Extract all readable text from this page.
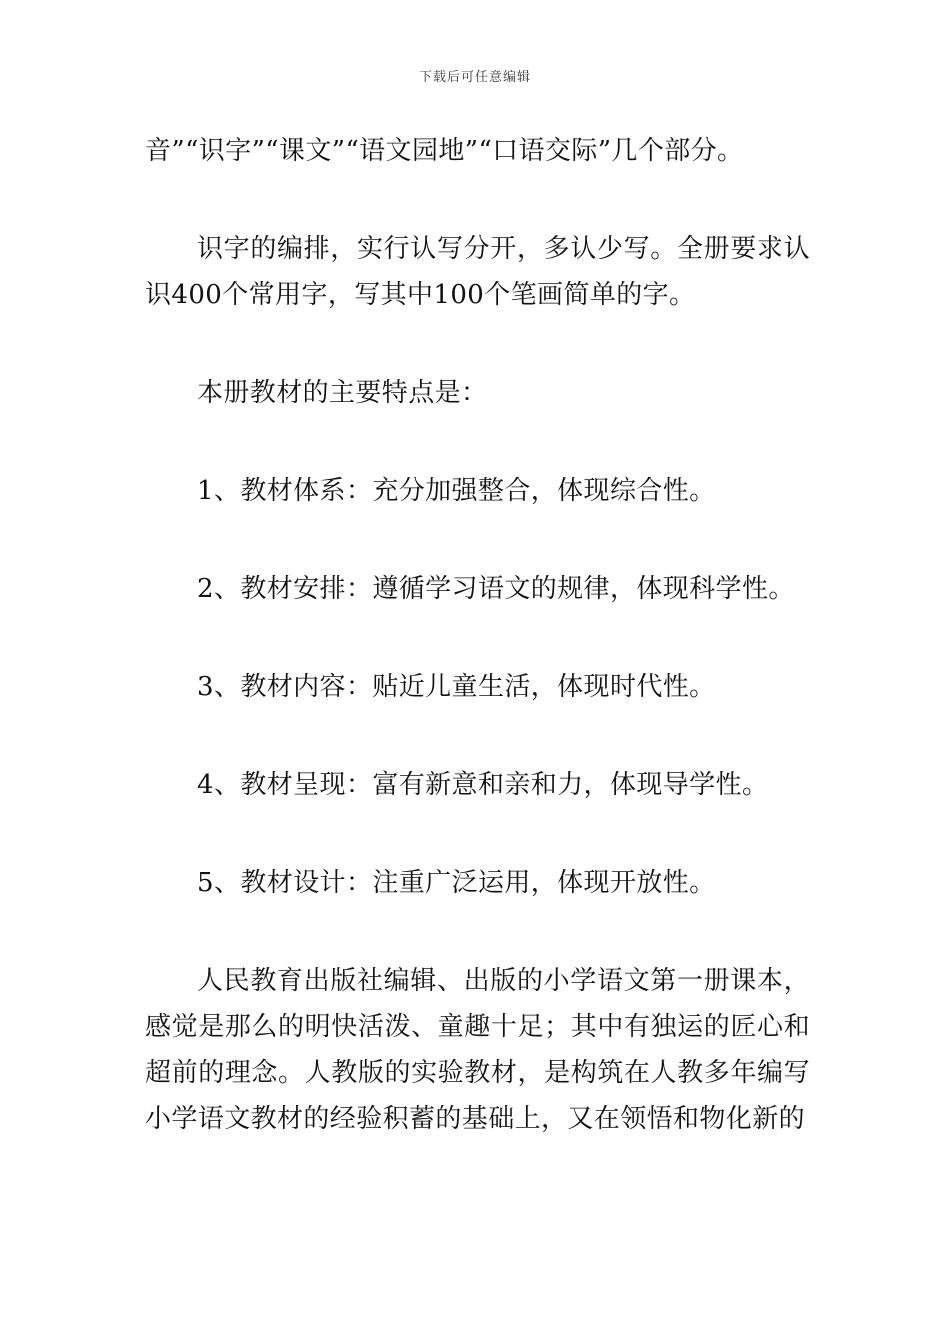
下载后可任意编辑

音”“识字”“课文”“语文园地”“口语交际”几个部分。

识字的编排，实行认写分开，多认少写。全册要求认识400个常用字，写其中100个笔画简单的字。

本册教材的主要特点是：

1、教材体系：充分加强整合，体现综合性。

2、教材安排：遵循学习语文的规律，体现科学性。

3、教材内容：贴近儿童生活，体现时代性。

4、教材呈现：富有新意和亲和力，体现导学性。

5、教材设计：注重广泛运用，体现开放性。

人民教育出版社编辑、出版的小学语文第一册课本，感觉是那么的明快活泼、童趣十足；其中有独运的匠心和超前的理念。人教版的实验教材，是构筑在人教多年编写小学语文教材的经验积蓄的基础上，又在领悟和物化新的
